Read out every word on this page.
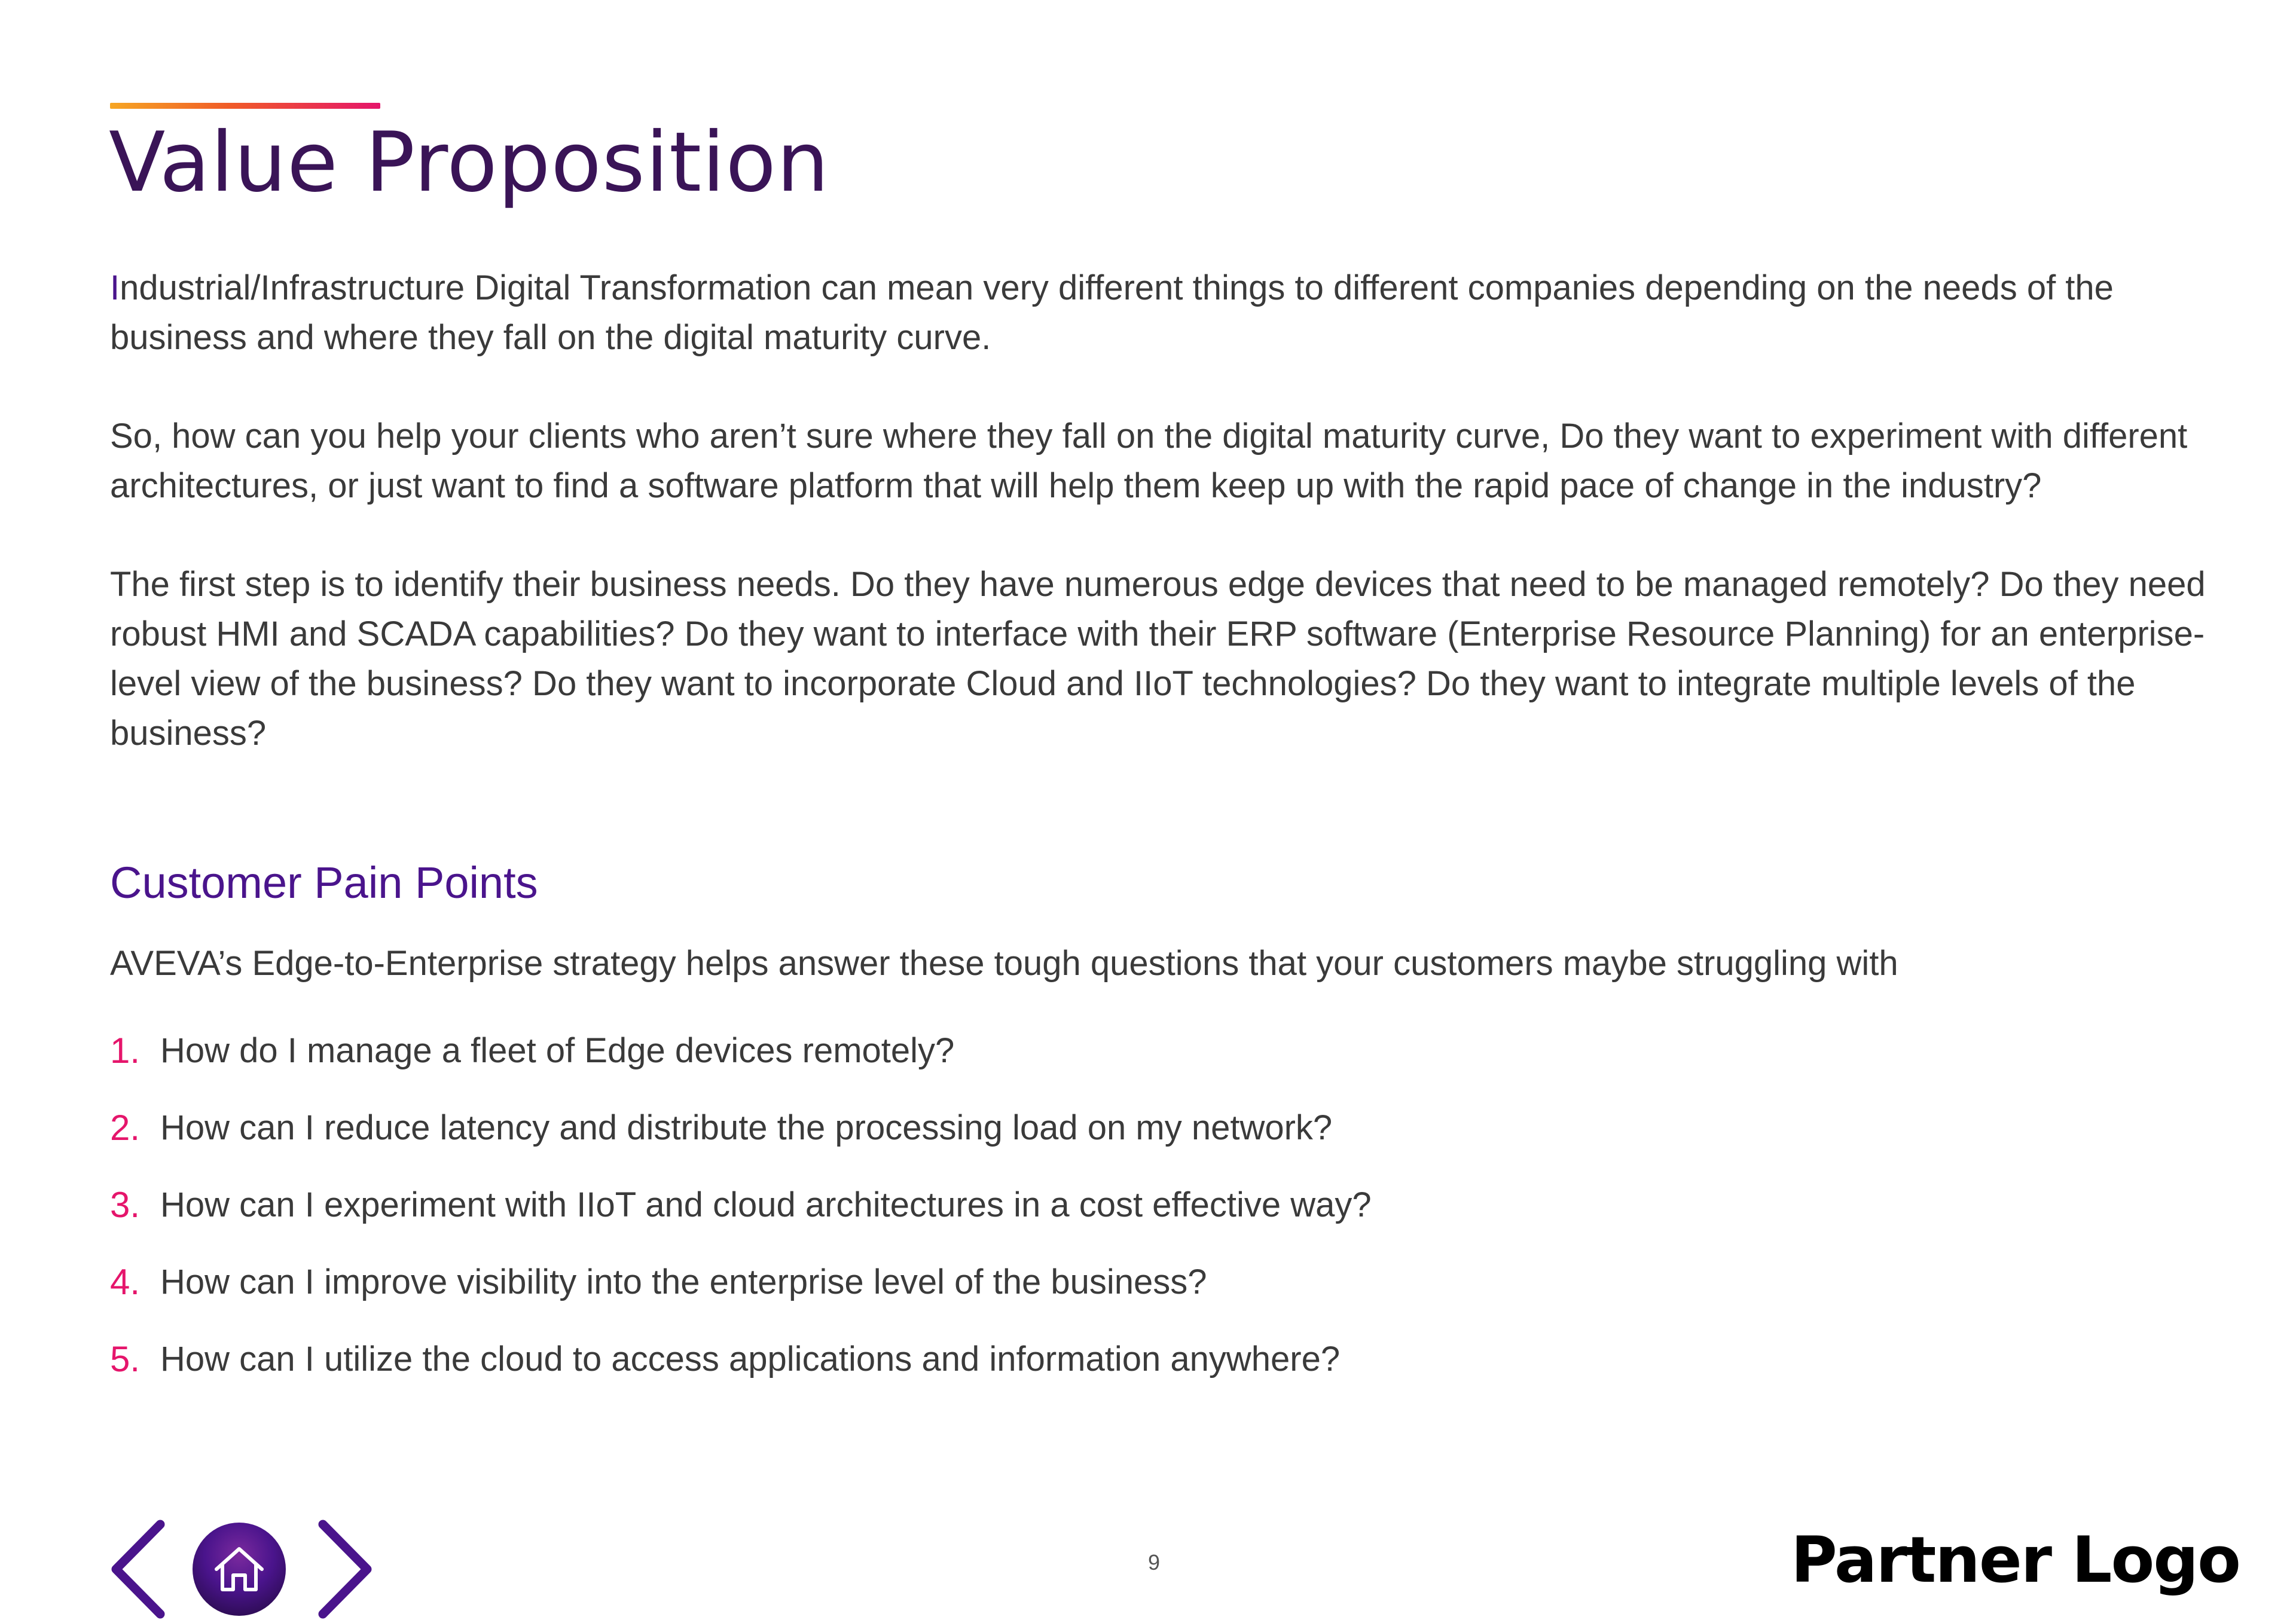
Value Proposition

Industrial/Infrastructure Digital Transformation can mean very different things to different companies depending on the needs of the business and where they fall on the digital maturity curve.

So, how can you help your clients who aren’t sure where they fall on the digital maturity curve, Do they want to experiment with different architectures, or just want to find a software platform that will help them keep up with the rapid pace of change in the industry?

The first step is to identify their business needs. Do they have numerous edge devices that need to be managed remotely? Do they need robust HMI and SCADA capabilities? Do they want to interface with their ERP software (Enterprise Resource Planning) for an enterprise-level view of the business? Do they want to incorporate Cloud and IIoT technologies? Do they want to integrate multiple levels of the business?

Customer Pain Points

AVEVA’s Edge-to-Enterprise strategy helps answer these tough questions that your customers maybe struggling with

1. How do I manage a fleet of Edge devices remotely?
2. How can I reduce latency and distribute the processing load on my network?
3. How can I experiment with IIoT and cloud architectures in a cost effective way?
4. How can I improve visibility into the enterprise level of the business?
5. How can I utilize the cloud to access applications and information anywhere?
9	Partner Logo
